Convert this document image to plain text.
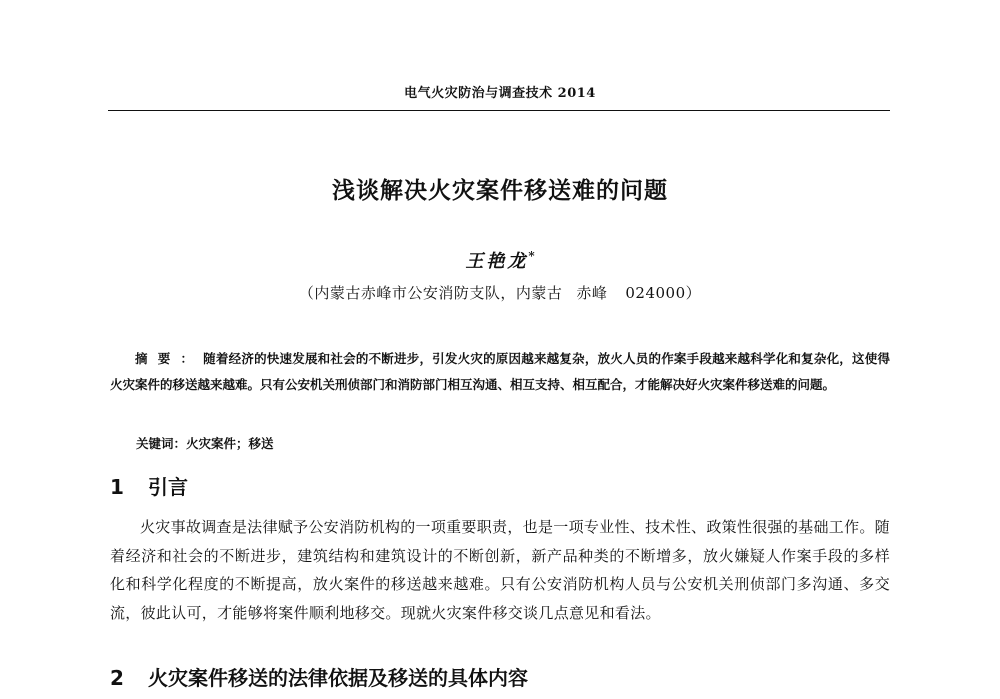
电气火灾防治与调查技术 2014
浅谈解决火灾案件移送难的问题
王艳龙*
（内蒙古赤峰市公安消防支队，内蒙古 赤峰 024000）
摘要：随着经济的快速发展和社会的不断进步，引发火灾的原因越来越复杂，放火人员的作案手段越来越科学化和复杂化，这使得火灾案件的移送越来越难。只有公安机关刑侦部门和消防部门相互沟通、相互支持、相互配合，才能解决好火灾案件移送难的问题。
关键词：火灾案件；移送
1 引言
火灾事故调查是法律赋予公安消防机构的一项重要职责，也是一项专业性、技术性、政策性很强的基础工作。随着经济和社会的不断进步，建筑结构和建筑设计的不断创新，新产品种类的不断增多，放火嫌疑人作案手段的多样化和科学化程度的不断提高，放火案件的移送越来越难。只有公安消防机构人员与公安机关刑侦部门多沟通、多交流，彼此认可，才能够将案件顺利地移交。现就火灾案件移交谈几点意见和看法。
2 火灾案件移送的法律依据及移送的具体内容
